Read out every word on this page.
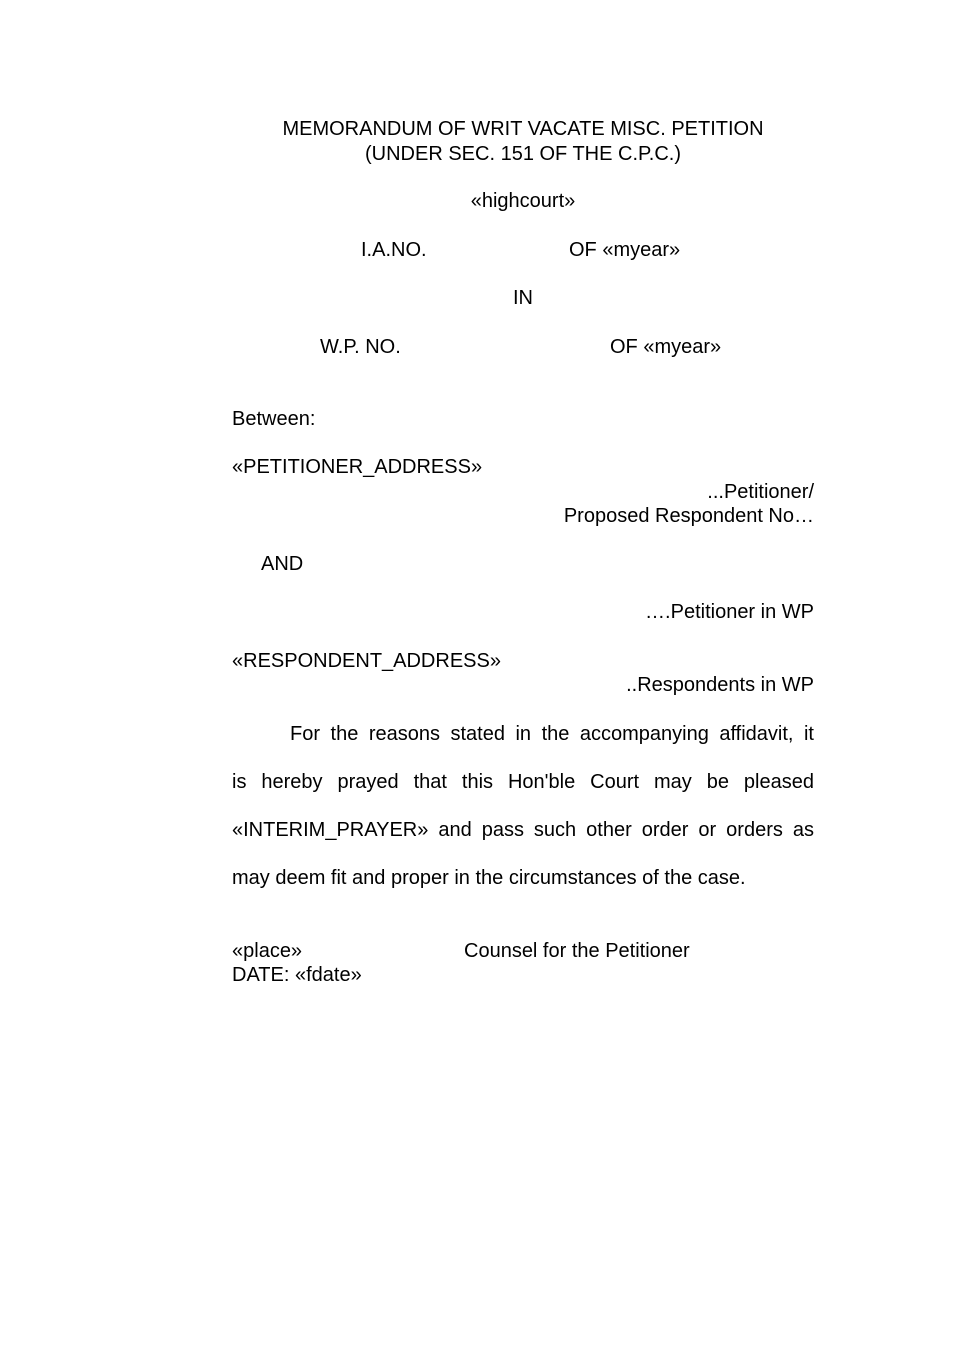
MEMORANDUM OF WRIT VACATE MISC. PETITION
(UNDER SEC. 151 OF THE C.P.C.)
«highcourt»
I.A.NO.	OF «myear»
IN
W.P. NO.	OF «myear»
Between:
«PETITIONER_ADDRESS»
...Petitioner/
Proposed Respondent No…
AND
….Petitioner in WP
«RESPONDENT_ADDRESS»
..Respondents in WP
For the reasons stated in the accompanying affidavit, it
is hereby prayed that this Hon'ble Court may be pleased
«INTERIM_PRAYER» and pass such other order or orders as
may deem fit and proper in the circumstances of the case.
«place»	Counsel for the Petitioner
DATE: «fdate»
